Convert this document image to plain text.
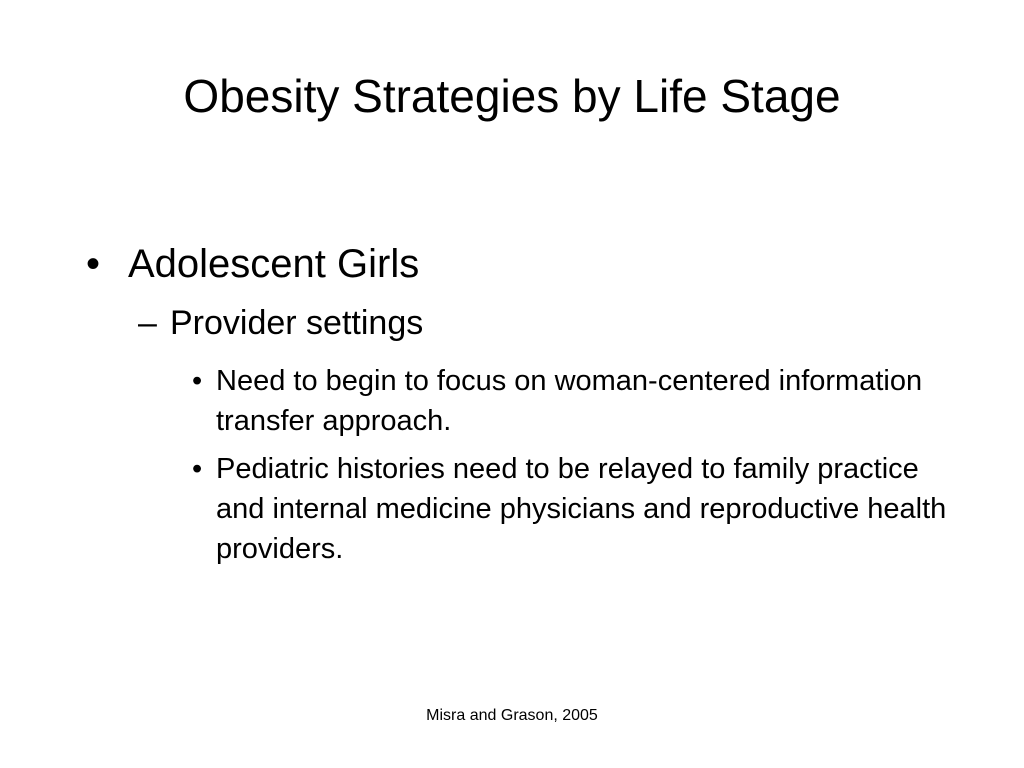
Obesity Strategies by Life Stage
• Adolescent Girls
– Provider settings
• Need to begin to focus on woman-centered information transfer approach.
• Pediatric histories need to be relayed to family practice and internal medicine physicians and reproductive health providers.
Misra and Grason, 2005
